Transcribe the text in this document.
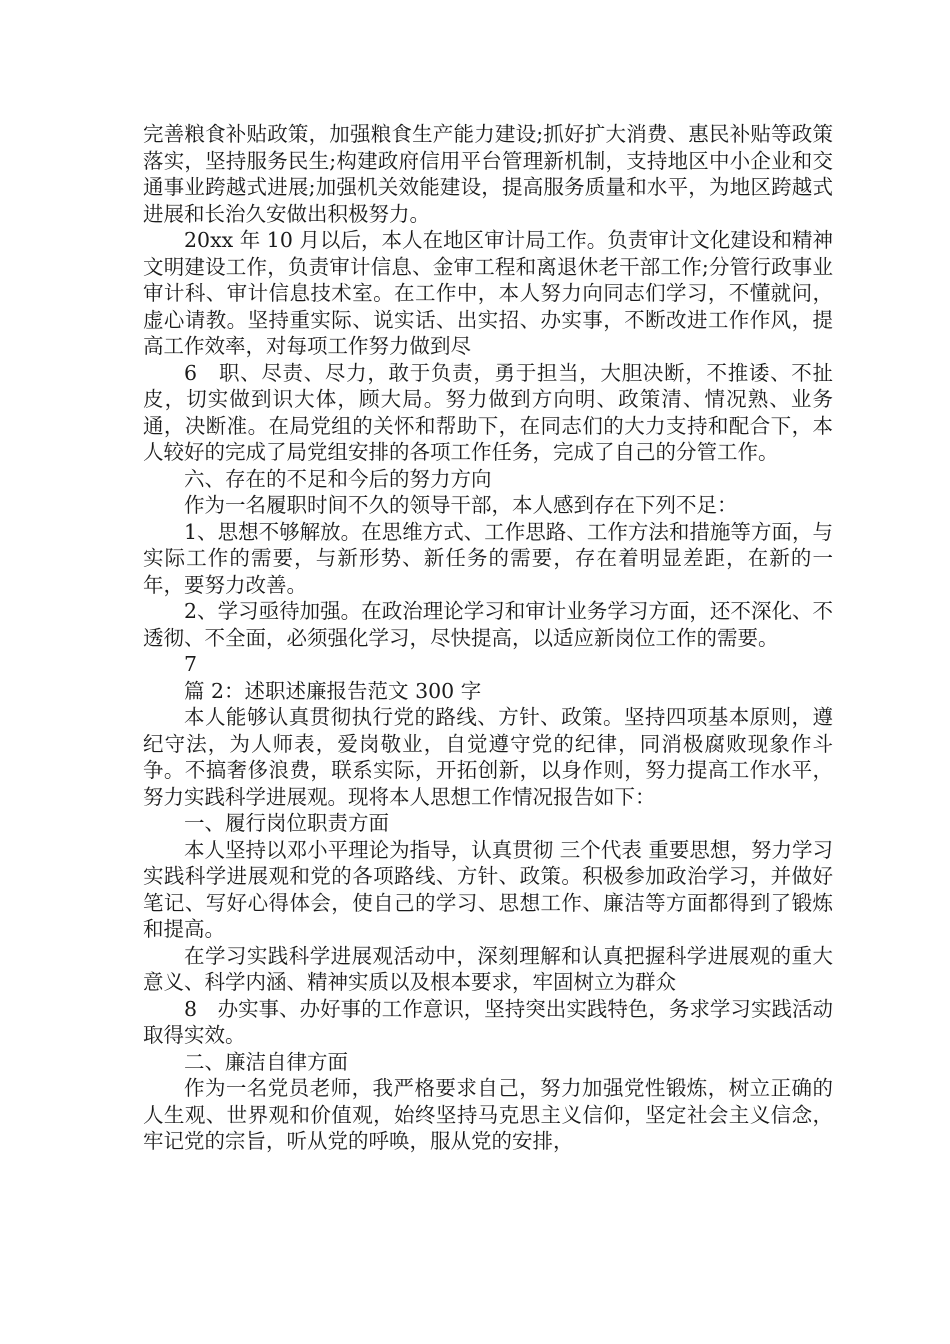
完善粮食补贴政策，加强粮食生产能力建设;抓好扩大消费、惠民补贴等政策落实，坚持服务民生;构建政府信用平台管理新机制，支持地区中小企业和交通事业跨越式进展;加强机关效能建设，提高服务质量和水平，为地区跨越式进展和长治久安做出积极努力。

20xx 年 10 月以后，本人在地区审计局工作。负责审计文化建设和精神文明建设工作，负责审计信息、金审工程和离退休老干部工作;分管行政事业审计科、审计信息技术室。在工作中，本人努力向同志们学习，不懂就问，虚心请教。坚持重实际、说实话、出实招、办实事，不断改进工作作风，提高工作效率，对每项工作努力做到尽

6　职、尽责、尽力，敢于负责，勇于担当，大胆决断，不推诿、不扯皮，切实做到识大体，顾大局。努力做到方向明、政策清、情况熟、业务通，决断准。在局党组的关怀和帮助下，在同志们的大力支持和配合下，本人较好的完成了局党组安排的各项工作任务，完成了自己的分管工作。

六、存在的不足和今后的努力方向

作为一名履职时间不久的领导干部，本人感到存在下列不足：

1、思想不够解放。在思维方式、工作思路、工作方法和措施等方面，与实际工作的需要，与新形势、新任务的需要，存在着明显差距，在新的一年，要努力改善。

2、学习亟待加强。在政治理论学习和审计业务学习方面，还不深化、不透彻、不全面，必须强化学习，尽快提高，以适应新岗位工作的需要。

7

篇 2：述职述廉报告范文 300 字

本人能够认真贯彻执行党的路线、方针、政策。坚持四项基本原则，遵纪守法，为人师表，爱岗敬业，自觉遵守党的纪律，同消极腐败现象作斗争。不搞奢侈浪费，联系实际，开拓创新，以身作则，努力提高工作水平，努力实践科学进展观。现将本人思想工作情况报告如下：

一、履行岗位职责方面

本人坚持以邓小平理论为指导，认真贯彻 三个代表 重要思想，努力学习实践科学进展观和党的各项路线、方针、政策。积极参加政治学习，并做好笔记、写好心得体会，使自己的学习、思想工作、廉洁等方面都得到了锻炼和提高。

在学习实践科学进展观活动中，深刻理解和认真把握科学进展观的重大意义、科学内涵、精神实质以及根本要求，牢固树立为群众

8　办实事、办好事的工作意识，坚持突出实践特色，务求学习实践活动取得实效。

二、廉洁自律方面

作为一名党员老师，我严格要求自己，努力加强党性锻炼，树立正确的人生观、世界观和价值观，始终坚持马克思主义信仰，坚定社会主义信念，牢记党的宗旨，听从党的呼唤，服从党的安排，
